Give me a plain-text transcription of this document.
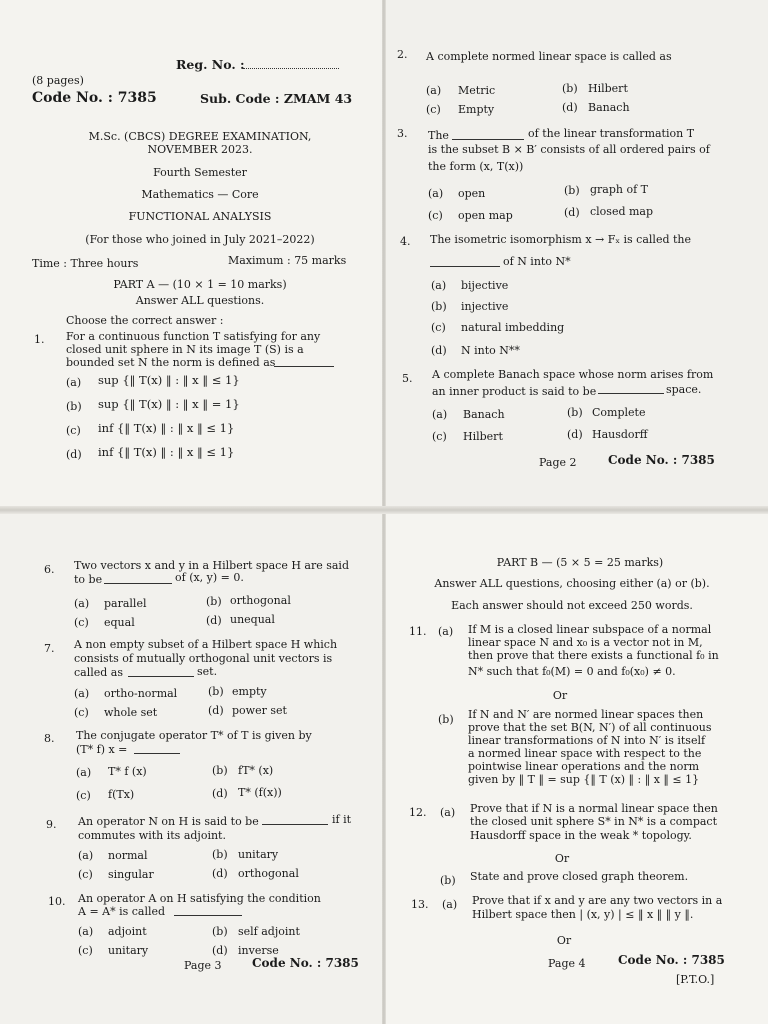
Reg. No. :
(8 pages)
Code No. : 7385	Sub. Code : ZMAM 43
M.Sc. (CBCS) DEGREE EXAMINATION,
NOVEMBER 2023.
Fourth Semester
Mathematics — Core
FUNCTIONAL ANALYSIS
(For those who joined in July 2021–2022)
Time : Three hours	Maximum : 75 marks
PART A — (10 × 1 = 10 marks)
Answer ALL questions.
Choose the correct answer :
1. For a continuous function T satisfying for any
closed unit sphere in N its image T (S) is a
bounded set N the norm is defined as
(a) sup {‖ T(x) ‖ : ‖ x ‖ ≤ 1}
(b) sup {‖ T(x) ‖ : ‖ x ‖ = 1}
(c) inf {‖ T(x) ‖ : ‖ x ‖ ≤ 1}
(d) inf {‖ T(x) ‖ : ‖ x ‖ ≤ 1}
2. A complete normed linear space is called as
(a) Metric	(b) Hilbert
(c) Empty	(d) Banach
3. The	of the linear transformation T
is the subset B × B′ consists of all ordered pairs of
the form (x, T(x))
(a) open	(b) graph of T
(c) open map	(d) closed map
4. The isometric isomorphism x → Fₓ is called the
of N into N*
(a) bijective
(b) injective
(c) natural imbedding
(d) N into N**
5. A complete Banach space whose norm arises from
an inner product is said to be	space.
(a) Banach	(b) Complete
(c) Hilbert	(d) Hausdorff
Page 2	Code No. : 7385
6. Two vectors x and y in a Hilbert space H are said
to be	of (x, y) = 0.
(a) parallel	(b) orthogonal
(c) equal	(d) unequal
7. A non empty subset of a Hilbert space H which
consists of mutually orthogonal unit vectors is
called as	set.
(a) ortho-normal	(b) empty
(c) whole set	(d) power set
8. The conjugate operator T* of T is given by
(T* f) x =
(a) T* f (x)	(b) fT* (x)
(c) f(Tx)	(d) T* (f(x))
9. An operator N on H is said to be	if it
commutes with its adjoint.
(a) normal	(b) unitary
(c) singular	(d) orthogonal
10. An operator A on H satisfying the condition
A = A* is called
(a) adjoint	(b) self adjoint
(c) unitary	(d) inverse
Page 3	Code No. : 7385
PART B — (5 × 5 = 25 marks)
Answer ALL questions, choosing either (a) or (b).
Each answer should not exceed 250 words.
11. (a) If M is a closed linear subspace of a normal
linear space N and x₀ is a vector not in M,
then prove that there exists a functional f₀ in
N* such that f₀(M) = 0 and f₀(x₀) ≠ 0.
Or
(b) If N and N′ are normed linear spaces then
prove that the set B(N, N′) of all continuous
linear transformations of N into N′ is itself
a normed linear space with respect to the
pointwise linear operations and the norm
given by ‖ T ‖ = sup {‖ T (x) ‖ : ‖ x ‖ ≤ 1}
12. (a) Prove that if N is a normal linear space then
the closed unit sphere S* in N* is a compact
Hausdorff space in the weak * topology.
Or
(b) State and prove closed graph theorem.
13. (a) Prove that if x and y are any two vectors in a
Hilbert space then | (x, y) | ≤ ‖ x ‖ ‖ y ‖.
Or
Page 4	Code No. : 7385
[P.T.O.]
